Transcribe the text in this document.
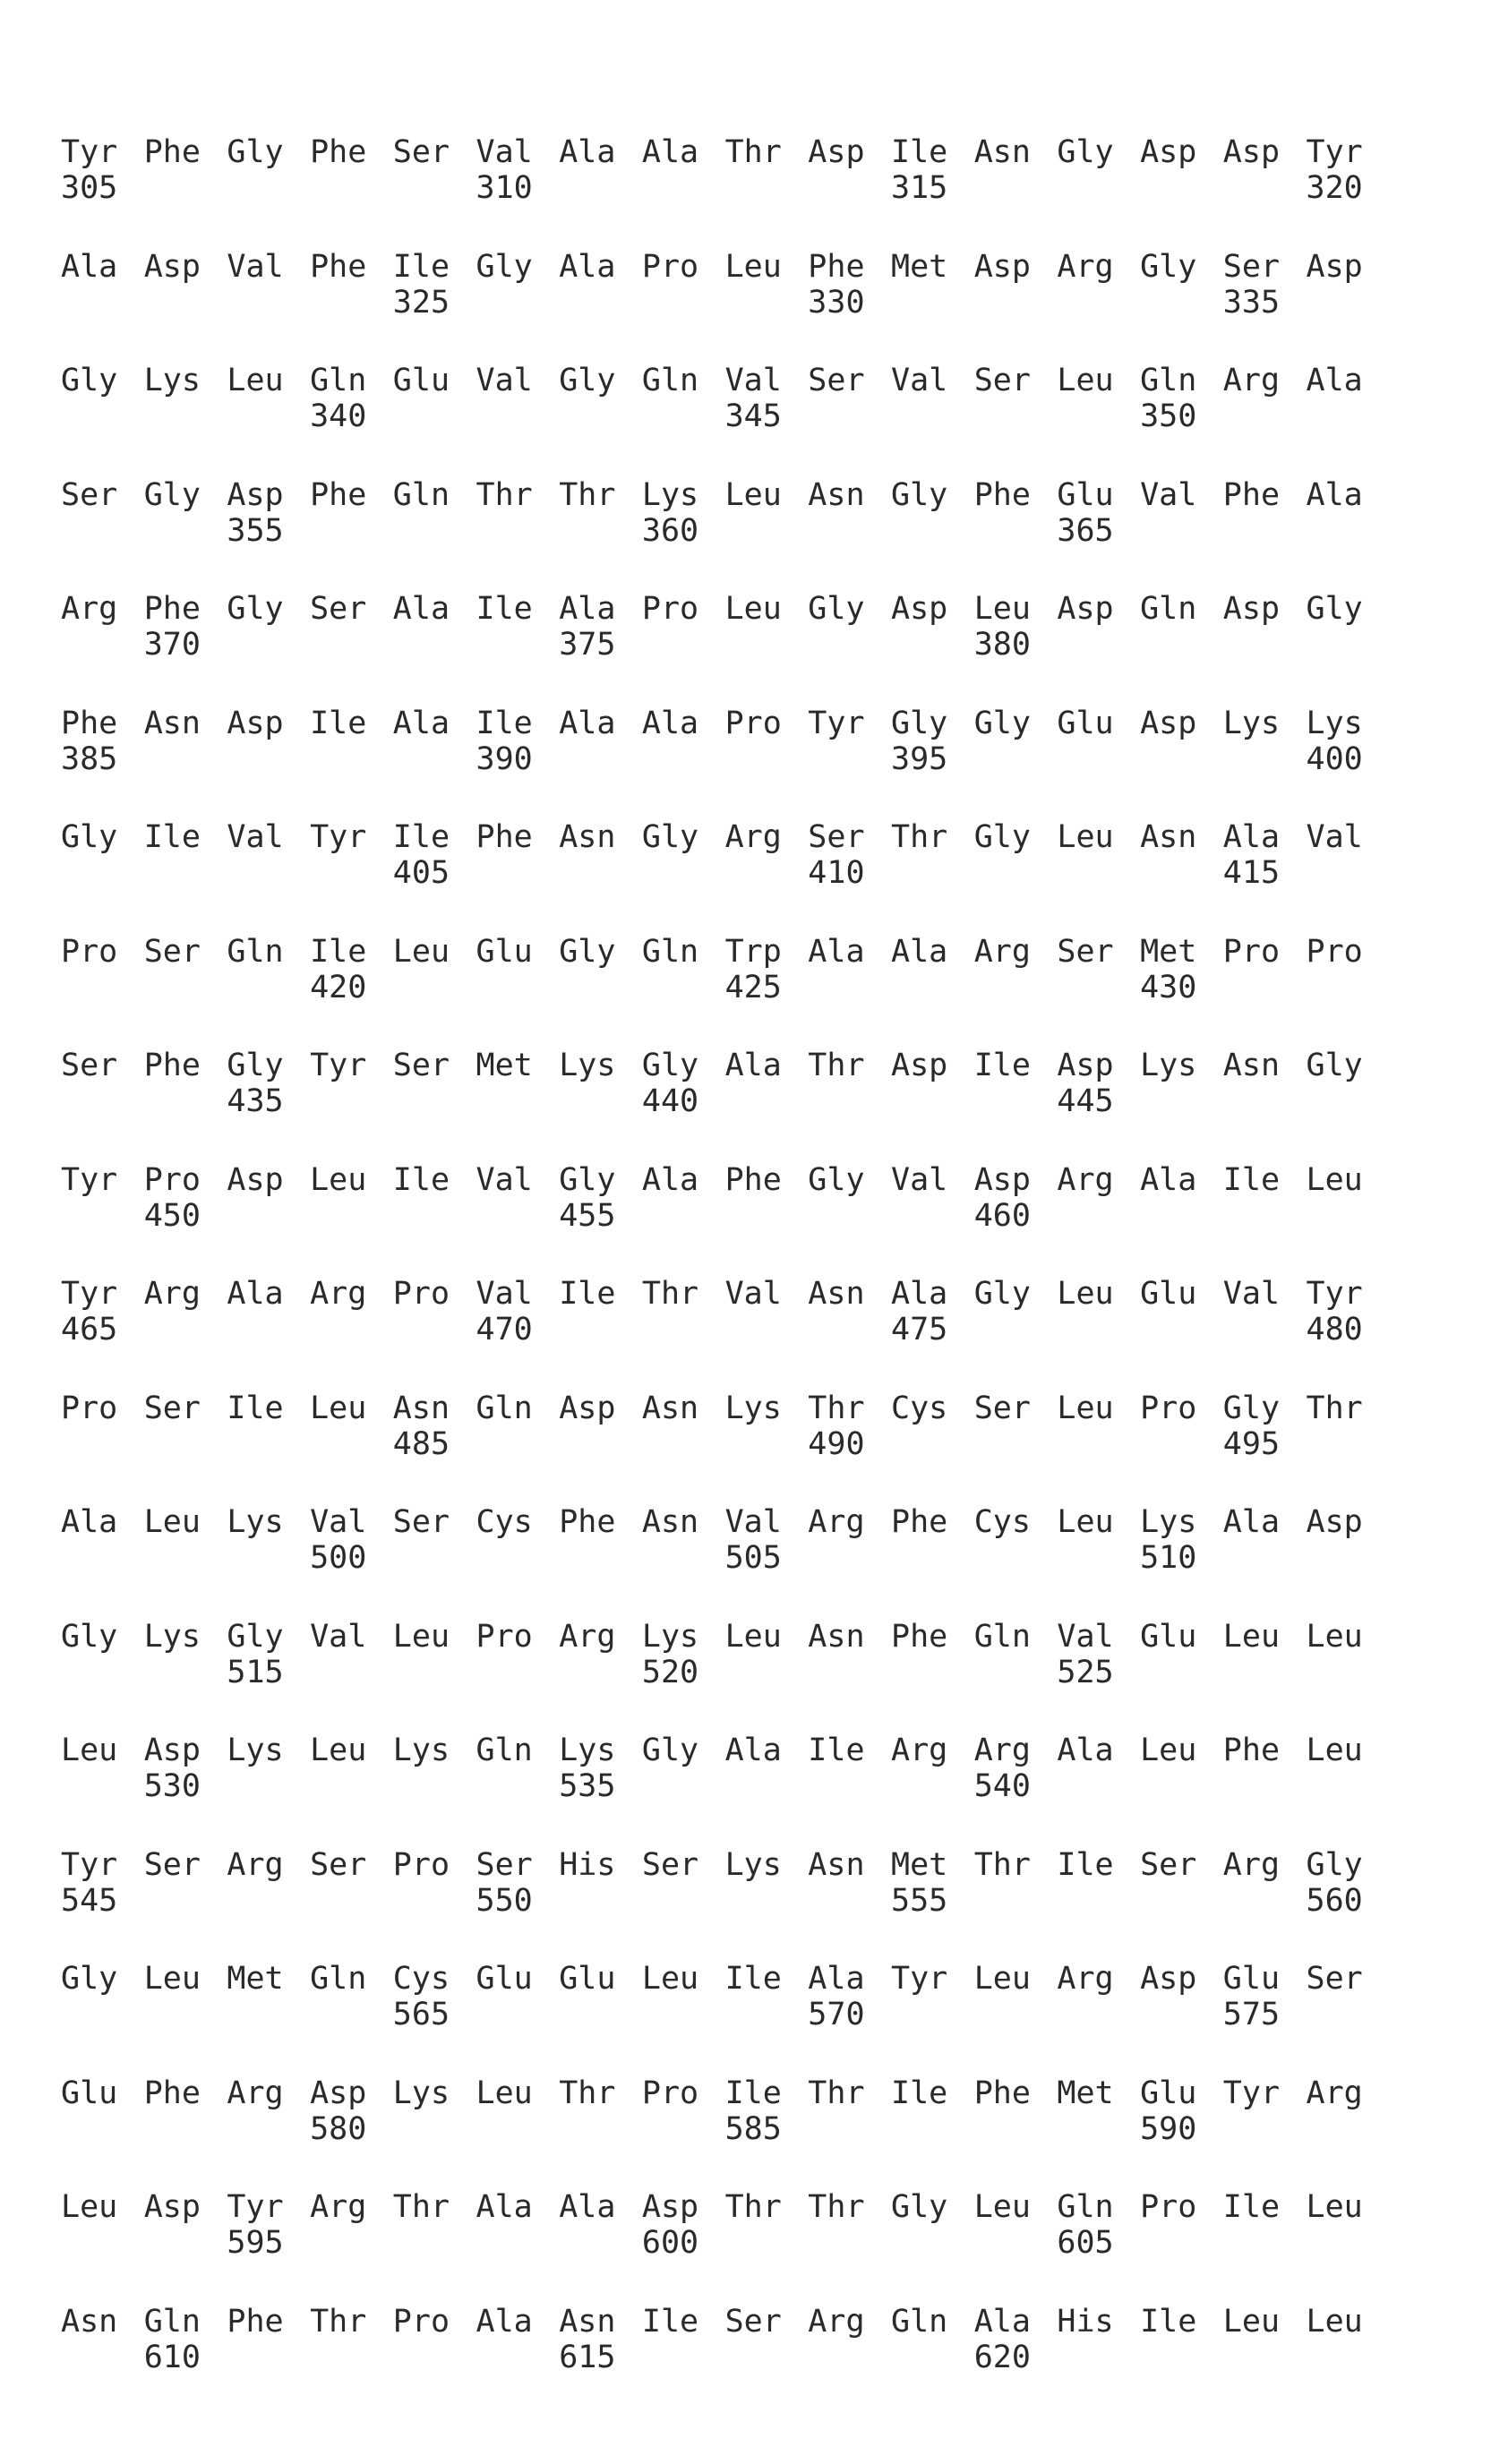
Tyr Phe Gly Phe Ser Val Ala Ala Thr Asp Ile Asn Gly Asp Asp Tyr
305	310	315	320
Ala Asp Val Phe Ile Gly Ala Pro Leu Phe Met Asp Arg Gly Ser Asp
325	330	335
Gly Lys Leu Gln Glu Val Gly Gln Val Ser Val Ser Leu Gln Arg Ala
340	345	350
Ser Gly Asp Phe Gln Thr Thr Lys Leu Asn Gly Phe Glu Val Phe Ala
355	360	365
Arg Phe Gly Ser Ala Ile Ala Pro Leu Gly Asp Leu Asp Gln Asp Gly
370	375	380
Phe Asn Asp Ile Ala Ile Ala Ala Pro Tyr Gly Gly Glu Asp Lys Lys
385	390	395	400
Gly Ile Val Tyr Ile Phe Asn Gly Arg Ser Thr Gly Leu Asn Ala Val
405	410	415
Pro Ser Gln Ile Leu Glu Gly Gln Trp Ala Ala Arg Ser Met Pro Pro
420	425	430
Ser Phe Gly Tyr Ser Met Lys Gly Ala Thr Asp Ile Asp Lys Asn Gly
435	440	445
Tyr Pro Asp Leu Ile Val Gly Ala Phe Gly Val Asp Arg Ala Ile Leu
450	455	460
Tyr Arg Ala Arg Pro Val Ile Thr Val Asn Ala Gly Leu Glu Val Tyr
465	470	475	480
Pro Ser Ile Leu Asn Gln Asp Asn Lys Thr Cys Ser Leu Pro Gly Thr
485	490	495
Ala Leu Lys Val Ser Cys Phe Asn Val Arg Phe Cys Leu Lys Ala Asp
500	505	510
Gly Lys Gly Val Leu Pro Arg Lys Leu Asn Phe Gln Val Glu Leu Leu
515	520	525
Leu Asp Lys Leu Lys Gln Lys Gly Ala Ile Arg Arg Ala Leu Phe Leu
530	535	540
Tyr Ser Arg Ser Pro Ser His Ser Lys Asn Met Thr Ile Ser Arg Gly
545	550	555	560
Gly Leu Met Gln Cys Glu Glu Leu Ile Ala Tyr Leu Arg Asp Glu Ser
565	570	575
Glu Phe Arg Asp Lys Leu Thr Pro Ile Thr Ile Phe Met Glu Tyr Arg
580	585	590
Leu Asp Tyr Arg Thr Ala Ala Asp Thr Thr Gly Leu Gln Pro Ile Leu
595	600	605
Asn Gln Phe Thr Pro Ala Asn Ile Ser Arg Gln Ala His Ile Leu Leu
610	615	620
